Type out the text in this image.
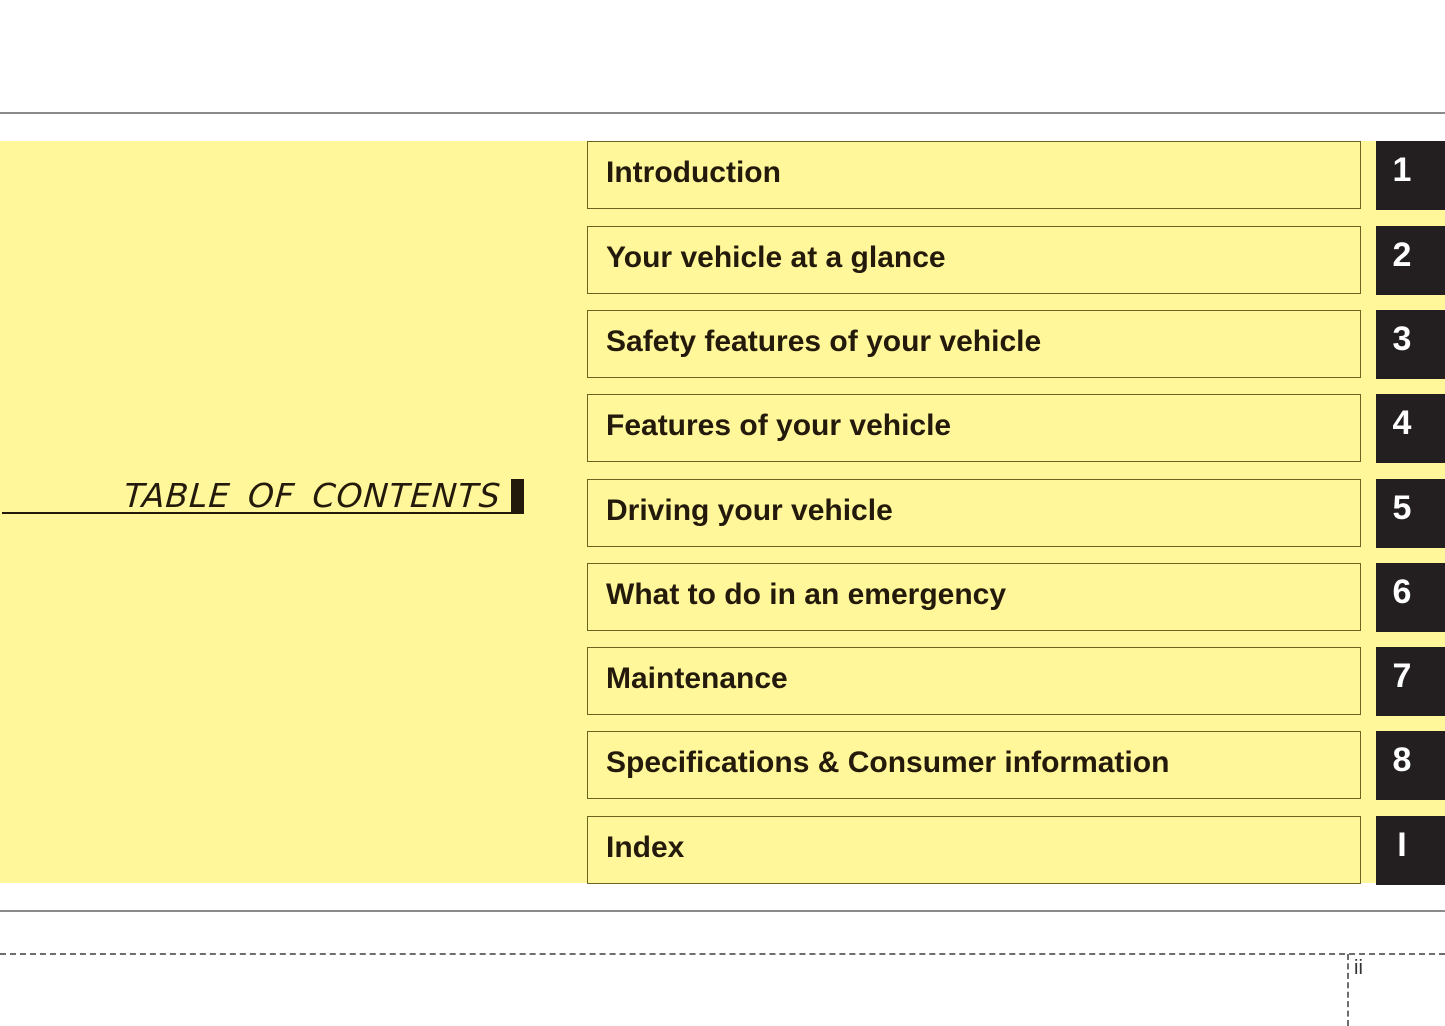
TABLE OF CONTENTS
Introduction	1
Your vehicle at a glance	2
Safety features of your vehicle	3
Features of your vehicle	4
Driving your vehicle	5
What to do in an emergency	6
Maintenance	7
Specifications & Consumer information	8
Index	I
ii
